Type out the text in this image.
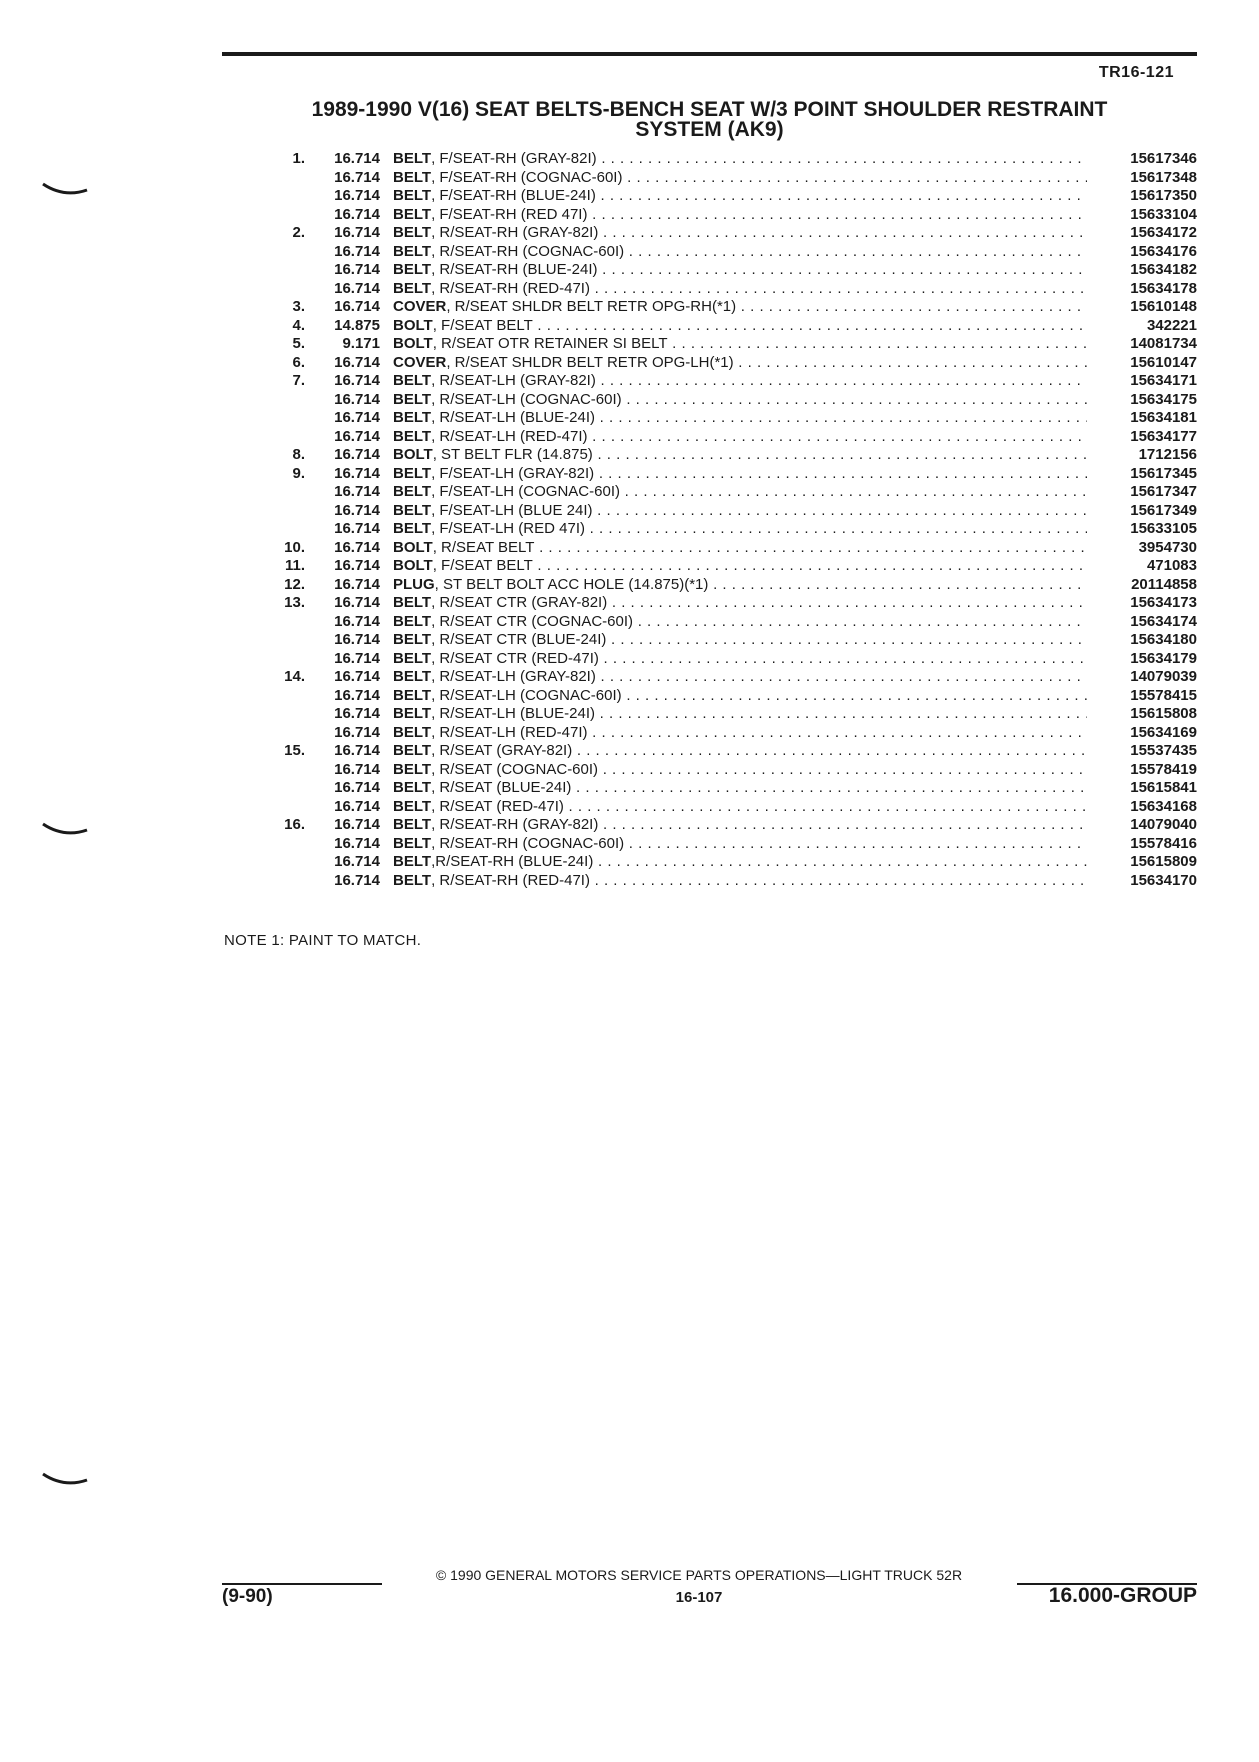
TR16-121
1989-1990 V(16) SEAT BELTS-BENCH SEAT W/3 POINT SHOULDER RESTRAINT
SYSTEM (AK9)
1.	16.714 BELT, F/SEAT-RH (GRAY-82I) . . .	15617346
16.714 BELT, F/SEAT-RH (COGNAC-60I) . . .	15617348
16.714 BELT, F/SEAT-RH (BLUE-24I) . . .	15617350
16.714 BELT, F/SEAT-RH (RED 47I) . . .	15633104
2.	16.714 BELT, R/SEAT-RH (GRAY-82I) . . .	15634172
16.714 BELT, R/SEAT-RH (COGNAC-60I) . . .	15634176
16.714 BELT, R/SEAT-RH (BLUE-24I) . . .	15634182
16.714 BELT, R/SEAT-RH (RED-47I) . . .	15634178
3.	16.714 COVER, R/SEAT SHLDR BELT RETR OPG-RH(*1) . . .	15610148
4.	14.875 BOLT, F/SEAT BELT . . .	342221
5.	9.171 BOLT, R/SEAT OTR RETAINER SI BELT . . .	14081734
6.	16.714 COVER, R/SEAT SHLDR BELT RETR OPG-LH(*1) . . .	15610147
7.	16.714 BELT, R/SEAT-LH (GRAY-82I) . . .	15634171
16.714 BELT, R/SEAT-LH (COGNAC-60I) . . .	15634175
16.714 BELT, R/SEAT-LH (BLUE-24I) . . .	15634181
16.714 BELT, R/SEAT-LH (RED-47I) . . .	15634177
8.	16.714 BOLT, ST BELT FLR (14.875) . . .	1712156
9.	16.714 BELT, F/SEAT-LH (GRAY-82I) . . .	15617345
16.714 BELT, F/SEAT-LH (COGNAC-60I) . . .	15617347
16.714 BELT, F/SEAT-LH (BLUE 24I) . . .	15617349
16.714 BELT, F/SEAT-LH (RED 47I) . . .	15633105
10.	16.714 BOLT, R/SEAT BELT . . .	3954730
11.	16.714 BOLT, F/SEAT BELT . . .	471083
12.	16.714 PLUG, ST BELT BOLT ACC HOLE (14.875)(*1) . . .	20114858
13.	16.714 BELT, R/SEAT CTR (GRAY-82I) . . .	15634173
16.714 BELT, R/SEAT CTR (COGNAC-60I) . . .	15634174
16.714 BELT, R/SEAT CTR (BLUE-24I) . . .	15634180
16.714 BELT, R/SEAT CTR (RED-47I) . . .	15634179
14.	16.714 BELT, R/SEAT-LH (GRAY-82I) . . .	14079039
16.714 BELT, R/SEAT-LH (COGNAC-60I) . . .	15578415
16.714 BELT, R/SEAT-LH (BLUE-24I) . . .	15615808
16.714 BELT, R/SEAT-LH (RED-47I) . . .	15634169
15.	16.714 BELT, R/SEAT (GRAY-82I) . . .	15537435
16.714 BELT, R/SEAT (COGNAC-60I) . . .	15578419
16.714 BELT, R/SEAT (BLUE-24I) . . .	15615841
16.714 BELT, R/SEAT (RED-47I) . . .	15634168
16.	16.714 BELT, R/SEAT-RH (GRAY-82I) . . .	14079040
16.714 BELT, R/SEAT-RH (COGNAC-60I) . . .	15578416
16.714 BELT,R/SEAT-RH (BLUE-24I) . . .	15615809
16.714 BELT, R/SEAT-RH (RED-47I) . . .	15634170
NOTE 1: PAINT TO MATCH.
© 1990 GENERAL MOTORS SERVICE PARTS OPERATIONS—LIGHT TRUCK 52R
(9-90)	16-107	16.000-GROUP
